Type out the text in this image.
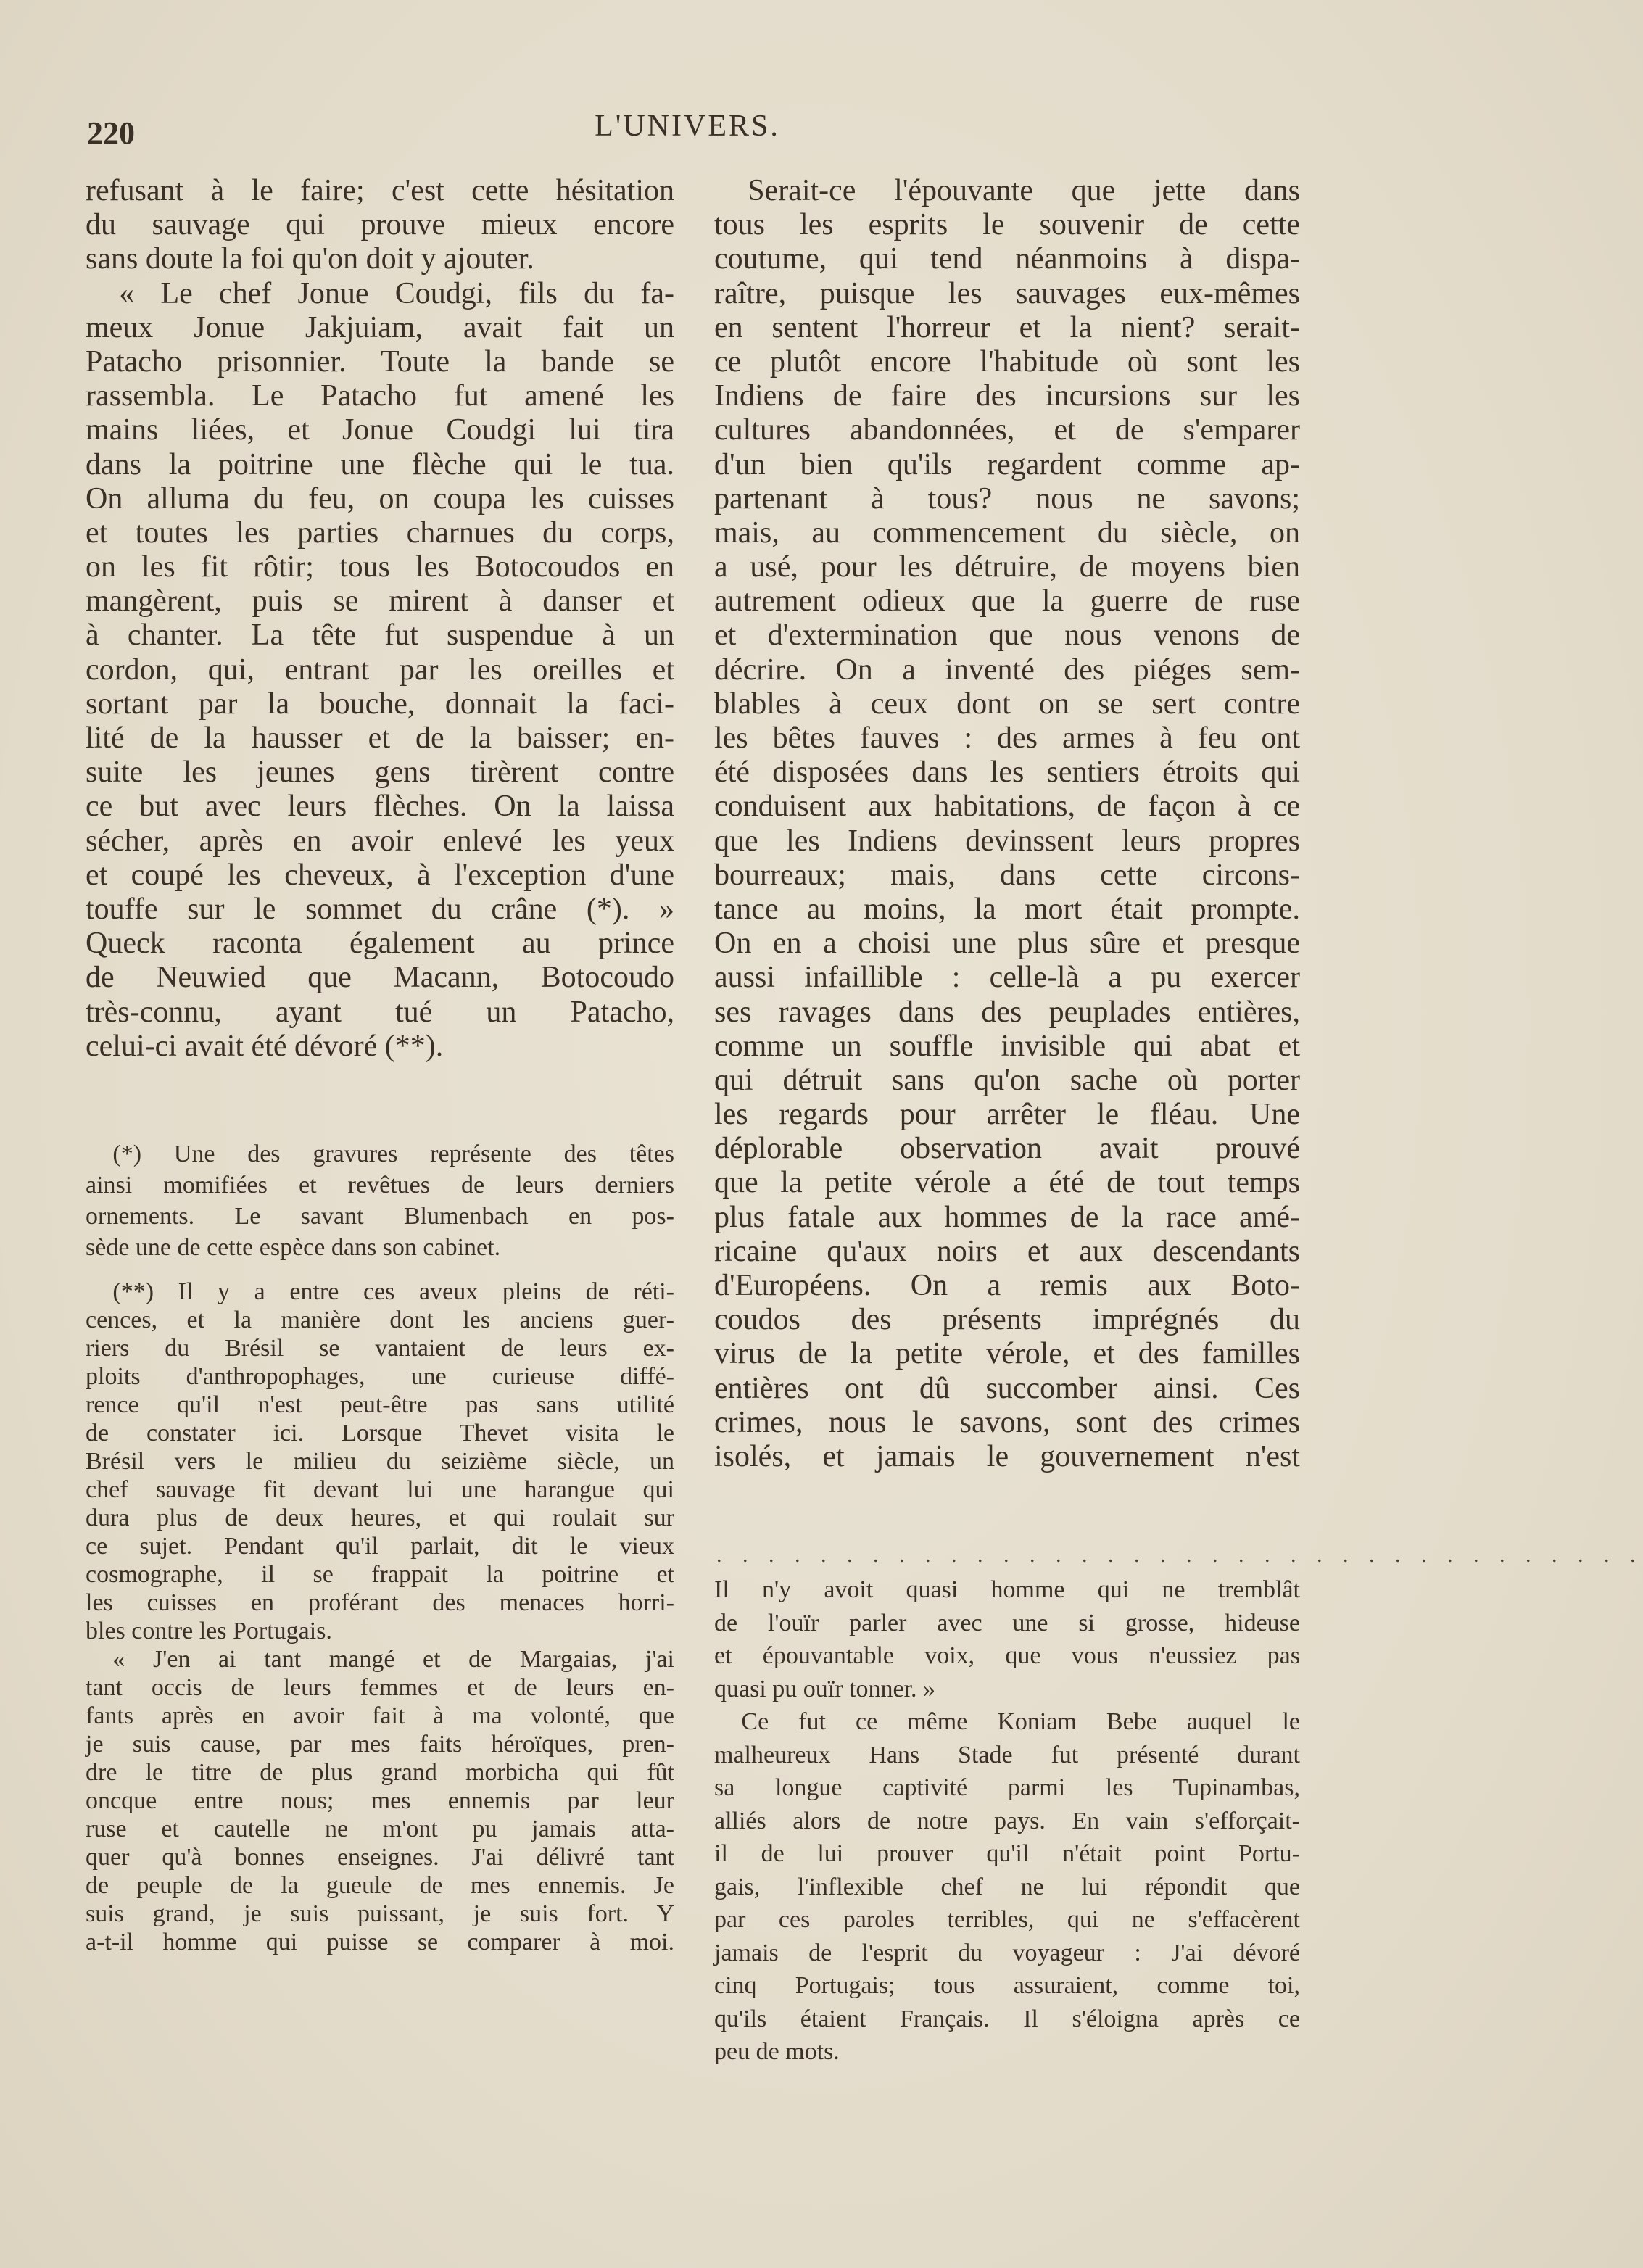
220	L'UNIVERS.
refusant à le faire; c'est cette hésitation
du sauvage qui prouve mieux encore
sans doute la foi qu'on doit y ajouter.
« Le chef Jonue Coudgi, fils du fa-
meux Jonue Jakjuiam, avait fait un
Patacho prisonnier. Toute la bande se
rassembla. Le Patacho fut amené les
mains liées, et Jonue Coudgi lui tira
dans la poitrine une flèche qui le tua.
On alluma du feu, on coupa les cuisses
et toutes les parties charnues du corps,
on les fit rôtir; tous les Botocoudos en
mangèrent, puis se mirent à danser et
à chanter. La tête fut suspendue à un
cordon, qui, entrant par les oreilles et
sortant par la bouche, donnait la faci-
lité de la hausser et de la baisser; en-
suite les jeunes gens tirèrent contre
ce but avec leurs flèches. On la laissa
sécher, après en avoir enlevé les yeux
et coupé les cheveux, à l'exception d'une
touffe sur le sommet du crâne (*). »
Queck raconta également au prince
de Neuwied que Macann, Botocoudo
très-connu, ayant tué un Patacho,
celui-ci avait été dévoré (**).
(*) Une des gravures représente des têtes
ainsi momifiées et revêtues de leurs derniers
ornements. Le savant Blumenbach en pos-
sède une de cette espèce dans son cabinet.
(**) Il y a entre ces aveux pleins de réti-
cences, et la manière dont les anciens guer-
riers du Brésil se vantaient de leurs ex-
ploits d'anthropophages, une curieuse diffé-
rence qu'il n'est peut-être pas sans utilité
de constater ici. Lorsque Thevet visita le
Brésil vers le milieu du seizième siècle, un
chef sauvage fit devant lui une harangue qui
dura plus de deux heures, et qui roulait sur
ce sujet. Pendant qu'il parlait, dit le vieux
cosmographe, il se frappait la poitrine et
les cuisses en proférant des menaces horri-
bles contre les Portugais.
« J'en ai tant mangé et de Margaias, j'ai
tant occis de leurs femmes et de leurs en-
fants après en avoir fait à ma volonté, que
je suis cause, par mes faits héroïques, pren-
dre le titre de plus grand morbicha qui fût
oncque entre nous; mes ennemis par leur
ruse et cautelle ne m'ont pu jamais atta-
quer qu'à bonnes enseignes. J'ai délivré tant
de peuple de la gueule de mes ennemis. Je
suis grand, je suis puissant, je suis fort. Y
a-t-il homme qui puisse se comparer à moi.
Serait-ce l'épouvante que jette dans
tous les esprits le souvenir de cette
coutume, qui tend néanmoins à dispa-
raître, puisque les sauvages eux-mêmes
en sentent l'horreur et la nient? serait-
ce plutôt encore l'habitude où sont les
Indiens de faire des incursions sur les
cultures abandonnées, et de s'emparer
d'un bien qu'ils regardent comme ap-
partenant à tous? nous ne savons;
mais, au commencement du siècle, on
a usé, pour les détruire, de moyens bien
autrement odieux que la guerre de ruse
et d'extermination que nous venons de
décrire. On a inventé des piéges sem-
blables à ceux dont on se sert contre
les bêtes fauves : des armes à feu ont
été disposées dans les sentiers étroits qui
conduisent aux habitations, de façon à ce
que les Indiens devinssent leurs propres
bourreaux; mais, dans cette circons-
tance au moins, la mort était prompte.
On en a choisi une plus sûre et presque
aussi infaillible : celle-là a pu exercer
ses ravages dans des peuplades entières,
comme un souffle invisible qui abat et
qui détruit sans qu'on sache où porter
les regards pour arrêter le fléau. Une
déplorable observation avait prouvé
que la petite vérole a été de tout temps
plus fatale aux hommes de la race amé-
ricaine qu'aux noirs et aux descendants
d'Européens. On a remis aux Boto-
coudos des présents imprégnés du
virus de la petite vérole, et des familles
entières ont dû succomber ainsi. Ces
crimes, nous le savons, sont des crimes
isolés, et jamais le gouvernement n'est
. . . . . . . . . . . . . . . . . . . . . . . . . . . . . . . . . . . .
Il n'y avoit quasi homme qui ne tremblât
de l'ouïr parler avec une si grosse, hideuse
et épouvantable voix, que vous n'eussiez pas
quasi pu ouïr tonner. »
Ce fut ce même Koniam Bebe auquel le
malheureux Hans Stade fut présenté durant
sa longue captivité parmi les Tupinambas,
alliés alors de notre pays. En vain s'efforçait-
il de lui prouver qu'il n'était point Portu-
gais, l'inflexible chef ne lui répondit que
par ces paroles terribles, qui ne s'effacèrent
jamais de l'esprit du voyageur : J'ai dévoré
cinq Portugais; tous assuraient, comme toi,
qu'ils étaient Français. Il s'éloigna après ce
peu de mots.
